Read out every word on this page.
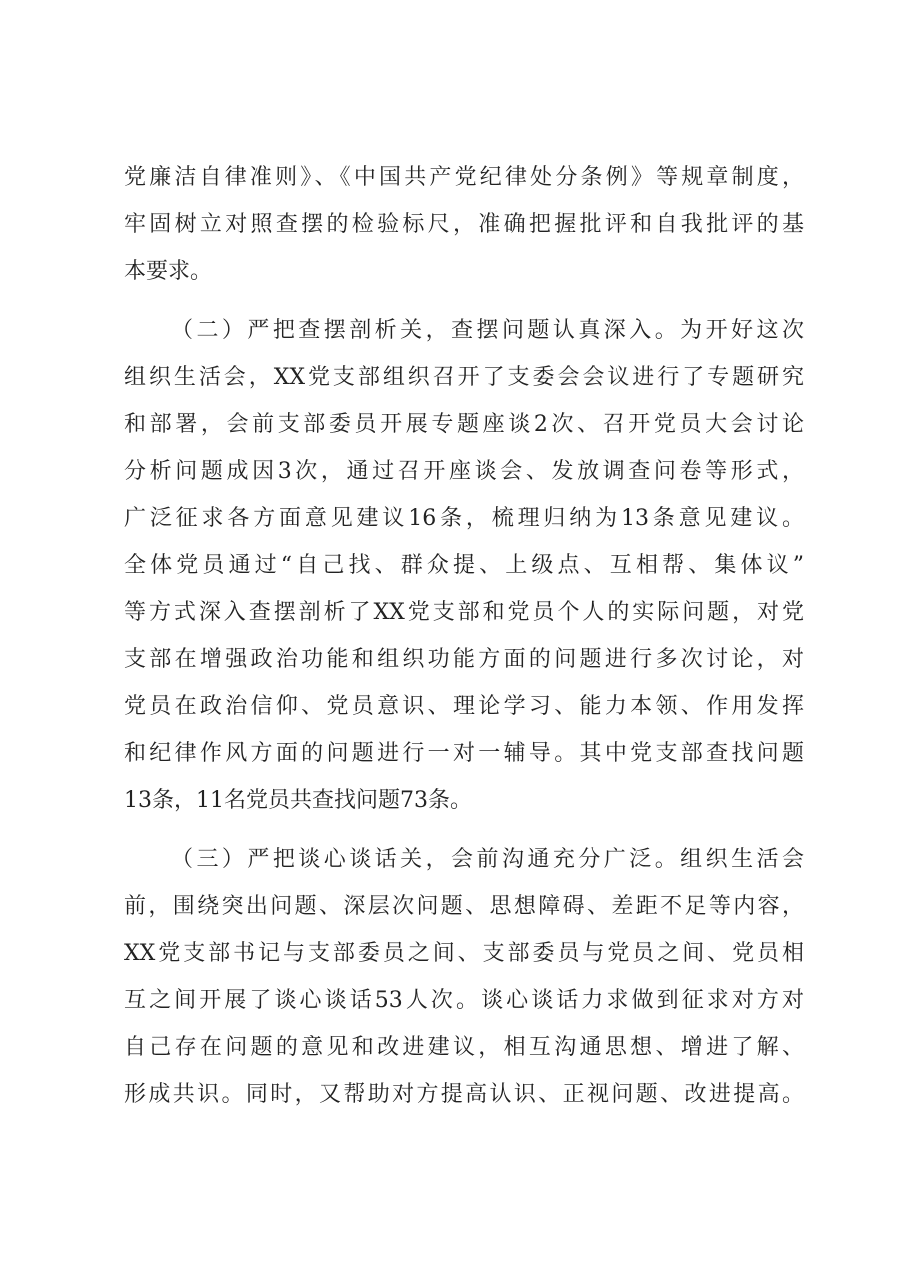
党廉洁自律准则》、《中国共产党纪律处分条例》等规章制度，
牢固树立对照查摆的检验标尺，准确把握批评和自我批评的基
本要求。
（二）严把查摆剖析关，查摆问题认真深入。为开好这次
组织生活会，XX党支部组织召开了支委会会议进行了专题研究
和部署，会前支部委员开展专题座谈2次、召开党员大会讨论
分析问题成因3次，通过召开座谈会、发放调查问卷等形式，
广泛征求各方面意见建议16条，梳理归纳为13条意见建议。
全体党员通过“自己找、群众提、上级点、互相帮、集体议”
等方式深入查摆剖析了XX党支部和党员个人的实际问题，对党
支部在增强政治功能和组织功能方面的问题进行多次讨论，对
党员在政治信仰、党员意识、理论学习、能力本领、作用发挥
和纪律作风方面的问题进行一对一辅导。其中党支部查找问题
13条，11名党员共查找问题73条。
（三）严把谈心谈话关，会前沟通充分广泛。组织生活会
前，围绕突出问题、深层次问题、思想障碍、差距不足等内容，
XX党支部书记与支部委员之间、支部委员与党员之间、党员相
互之间开展了谈心谈话53人次。谈心谈话力求做到征求对方对
自己存在问题的意见和改进建议，相互沟通思想、增进了解、
形成共识。同时，又帮助对方提高认识、正视问题、改进提高。
